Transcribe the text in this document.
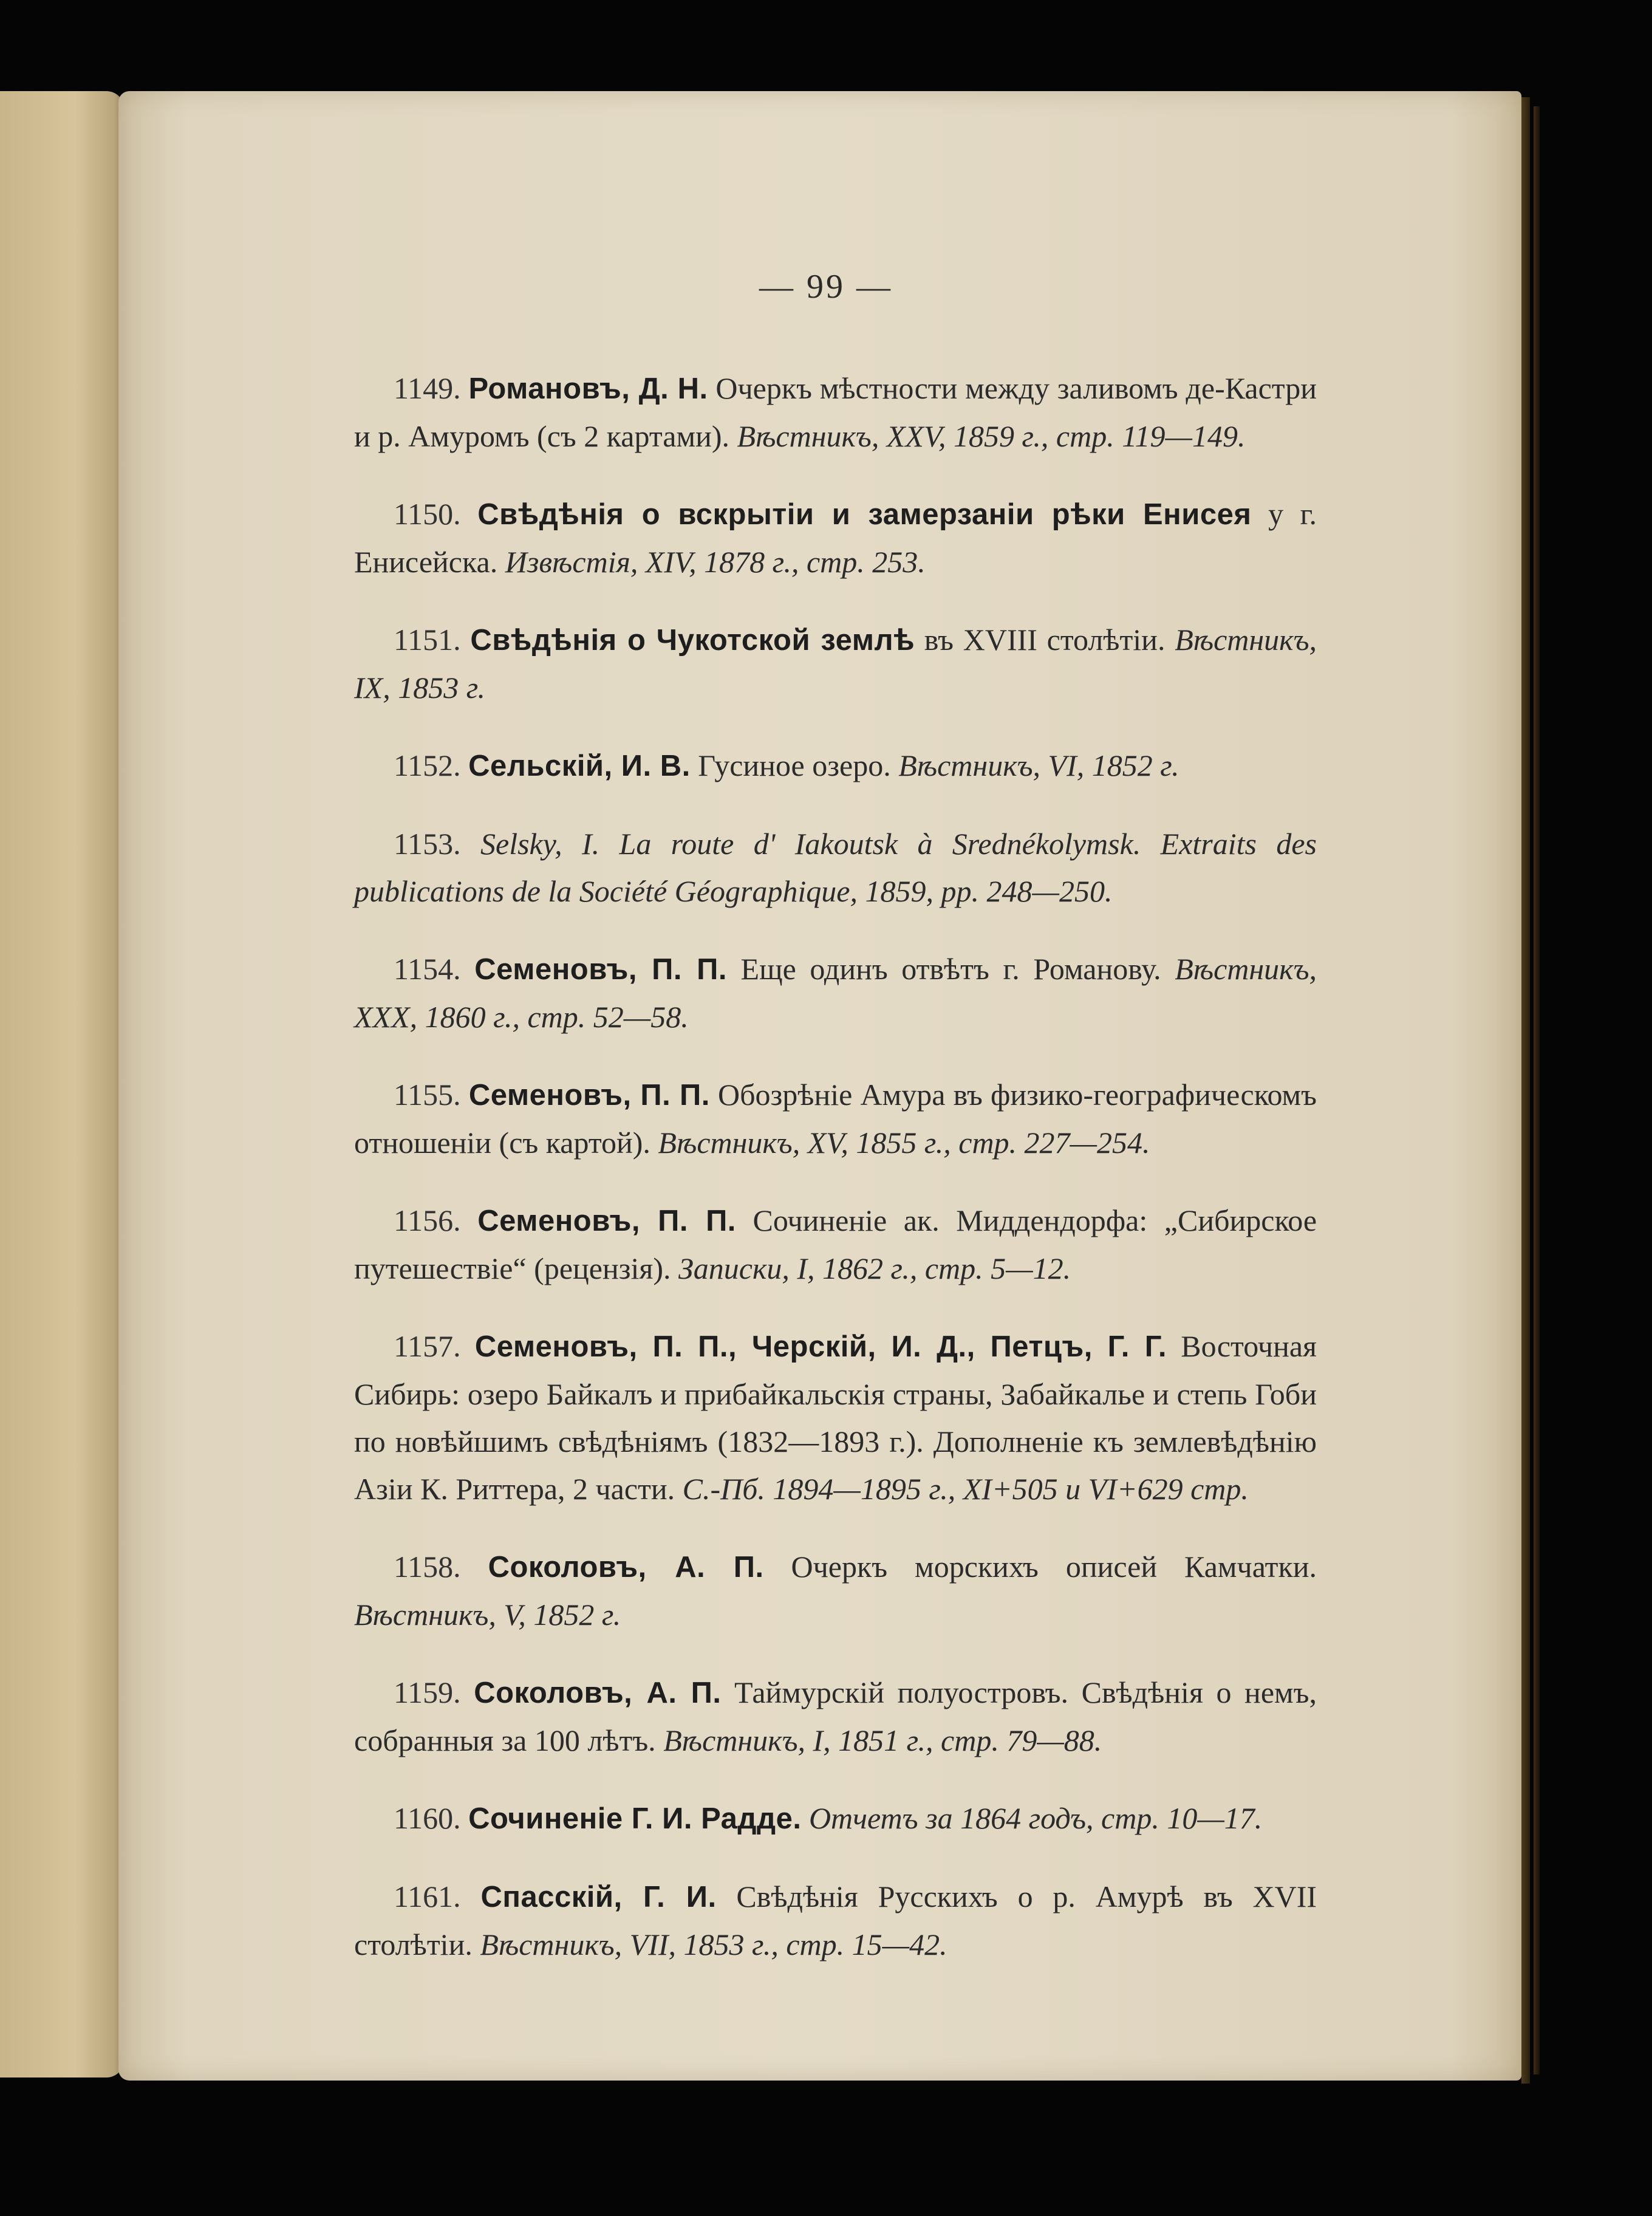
— 99 —

1149. Романовъ, Д. Н. Очеркъ мѣстности между заливомъ де-Кастри и р. Амуромъ (съ 2 картами). Вѣстникъ, XXV, 1859 г., стр. 119—149.

1150. Свѣдѣнія о вскрытіи и замерзаніи рѣки Енисея у г. Енисейска. Извѣстія, XIV, 1878 г., стр. 253.

1151. Свѣдѣнія о Чукотской землѣ въ XVIII столѣтіи. Вѣстникъ, IX, 1853 г.

1152. Сельскій, И. В. Гусиное озеро. Вѣстникъ, VI, 1852 г.

1153. Selsky, I. La route d' Iakoutsk à Srednékolymsk. Extraits des publications de la Société Géographique, 1859, pp. 248—250.

1154. Семеновъ, П. П. Еще одинъ отвѣтъ г. Романову. Вѣстникъ, XXX, 1860 г., стр. 52—58.

1155. Семеновъ, П. П. Обозрѣніе Амура въ физико-географическомъ отношеніи (съ картой). Вѣстникъ, XV, 1855 г., стр. 227—254.

1156. Семеновъ, П. П. Сочиненіе ак. Миддендорфа: „Сибирское путешествіе“ (рецензія). Записки, I, 1862 г., стр. 5—12.

1157. Семеновъ, П. П., Черскій, И. Д., Петцъ, Г. Г. Восточная Сибирь: озеро Байкалъ и прибайкальскія страны, Забайкалье и степь Гоби по новѣйшимъ свѣдѣніямъ (1832—1893 г.). Дополненіе къ землевѣдѣнію Азіи К. Риттера, 2 части. С.-Пб. 1894—1895 г., XI+505 и VI+629 стр.

1158. Соколовъ, А. П. Очеркъ морскихъ описей Камчатки. Вѣстникъ, V, 1852 г.

1159. Соколовъ, А. П. Таймурскій полуостровъ. Свѣдѣнія о немъ, собранныя за 100 лѣтъ. Вѣстникъ, I, 1851 г., стр. 79—88.

1160. Сочиненіе Г. И. Радде. Отчетъ за 1864 годъ, стр. 10—17.

1161. Спасскій, Г. И. Свѣдѣнія Русскихъ о р. Амурѣ въ XVII столѣтіи. Вѣстникъ, VII, 1853 г., стр. 15—42.
